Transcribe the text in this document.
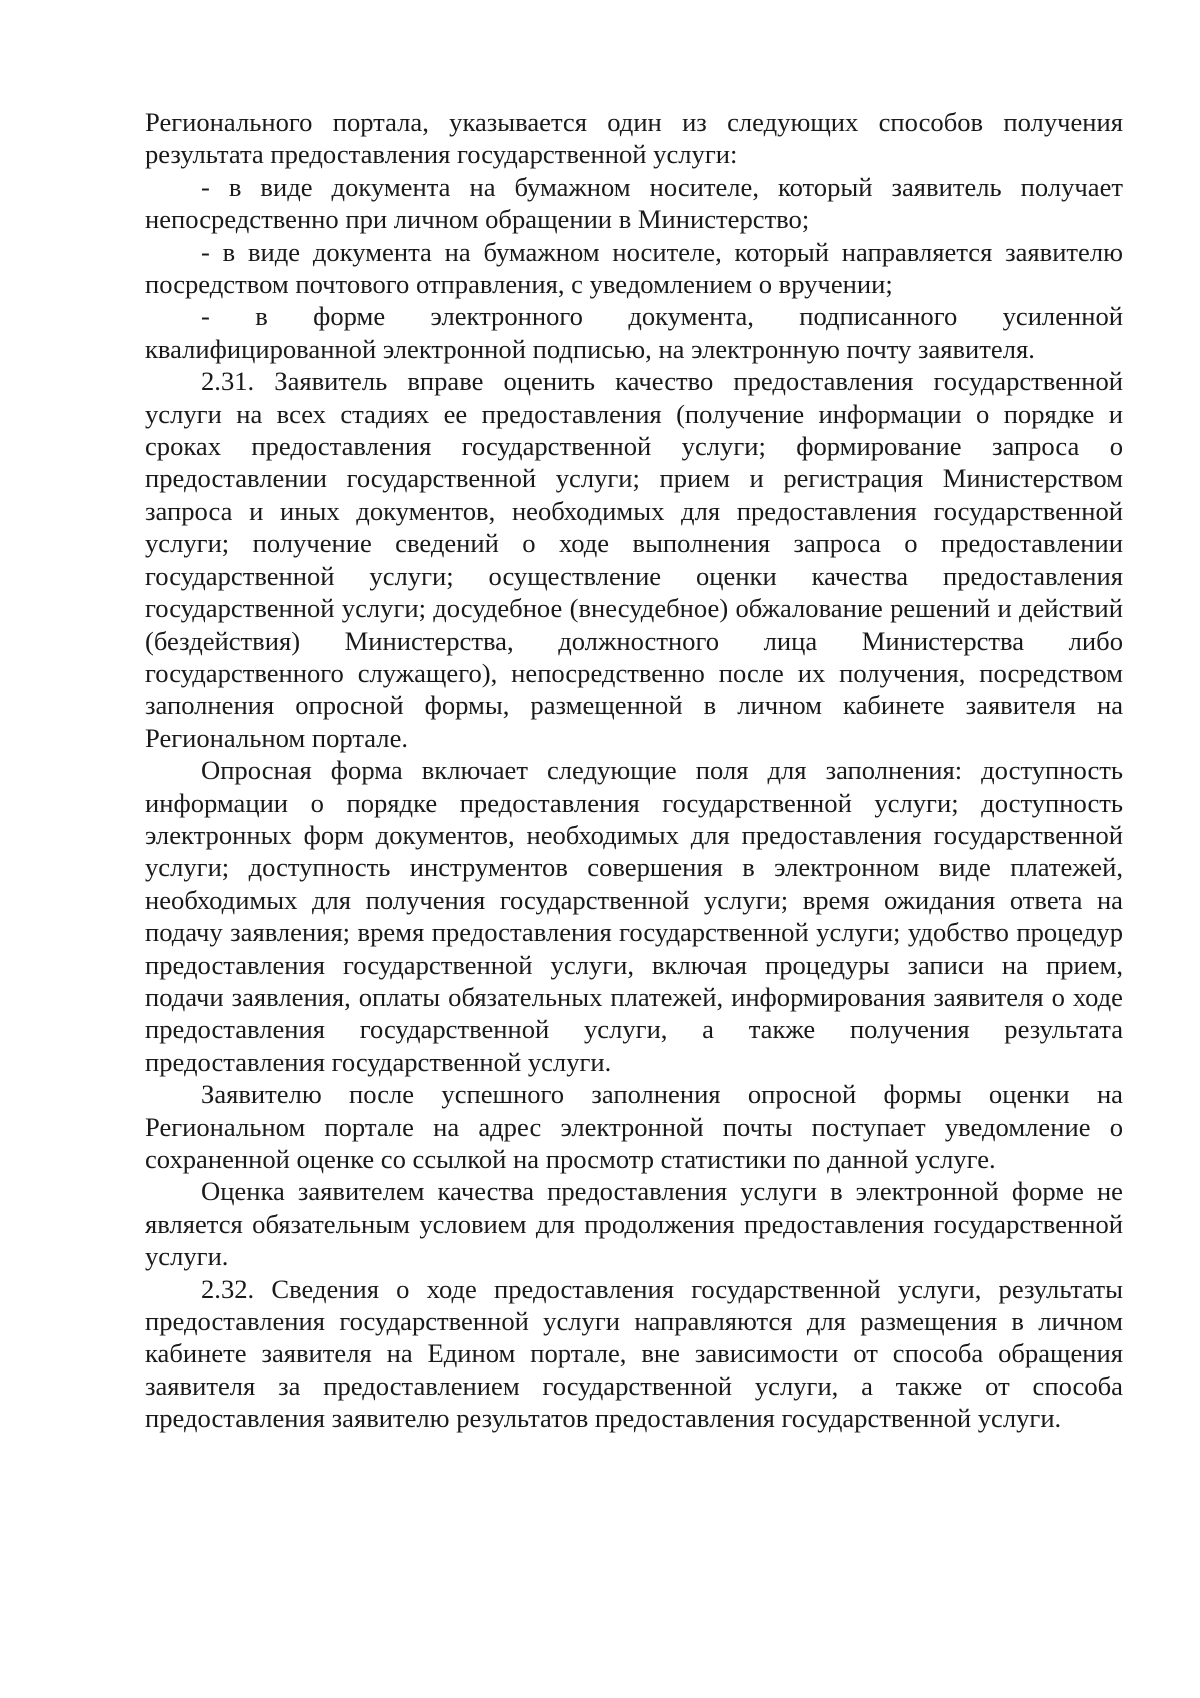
Регионального портала, указывается один из следующих способов получения результата предоставления государственной услуги:

- в виде документа на бумажном носителе, который заявитель получает непосредственно при личном обращении в Министерство;

- в виде документа на бумажном носителе, который направляется заявителю посредством почтового отправления, с уведомлением о вручении;

- в форме электронного документа, подписанного усиленной квалифицированной электронной подписью, на электронную почту заявителя.

2.31. Заявитель вправе оценить качество предоставления государственной услуги на всех стадиях ее предоставления (получение информации о порядке и сроках предоставления государственной услуги; формирование запроса о предоставлении государственной услуги; прием и регистрация Министерством запроса и иных документов, необходимых для предоставления государственной услуги; получение сведений о ходе выполнения запроса о предоставлении государственной услуги; осуществление оценки качества предоставления государственной услуги; досудебное (внесудебное) обжалование решений и действий (бездействия) Министерства, должностного лица Министерства либо государственного служащего), непосредственно после их получения, посредством заполнения опросной формы, размещенной в личном кабинете заявителя на Региональном портале.

Опросная форма включает следующие поля для заполнения: доступность информации о порядке предоставления государственной услуги; доступность электронных форм документов, необходимых для предоставления государственной услуги; доступность инструментов совершения в электронном виде платежей, необходимых для получения государственной услуги; время ожидания ответа на подачу заявления; время предоставления государственной услуги; удобство процедур предоставления государственной услуги, включая процедуры записи на прием, подачи заявления, оплаты обязательных платежей, информирования заявителя о ходе предоставления государственной услуги, а также получения результата предоставления государственной услуги.

Заявителю после успешного заполнения опросной формы оценки на Региональном портале на адрес электронной почты поступает уведомление о сохраненной оценке со ссылкой на просмотр статистики по данной услуге.

Оценка заявителем качества предоставления услуги в электронной форме не является обязательным условием для продолжения предоставления государственной услуги.

2.32. Сведения о ходе предоставления государственной услуги, результаты предоставления государственной услуги направляются для размещения в личном кабинете заявителя на Едином портале, вне зависимости от способа обращения заявителя за предоставлением государственной услуги, а также от способа предоставления заявителю результатов предоставления государственной услуги.
